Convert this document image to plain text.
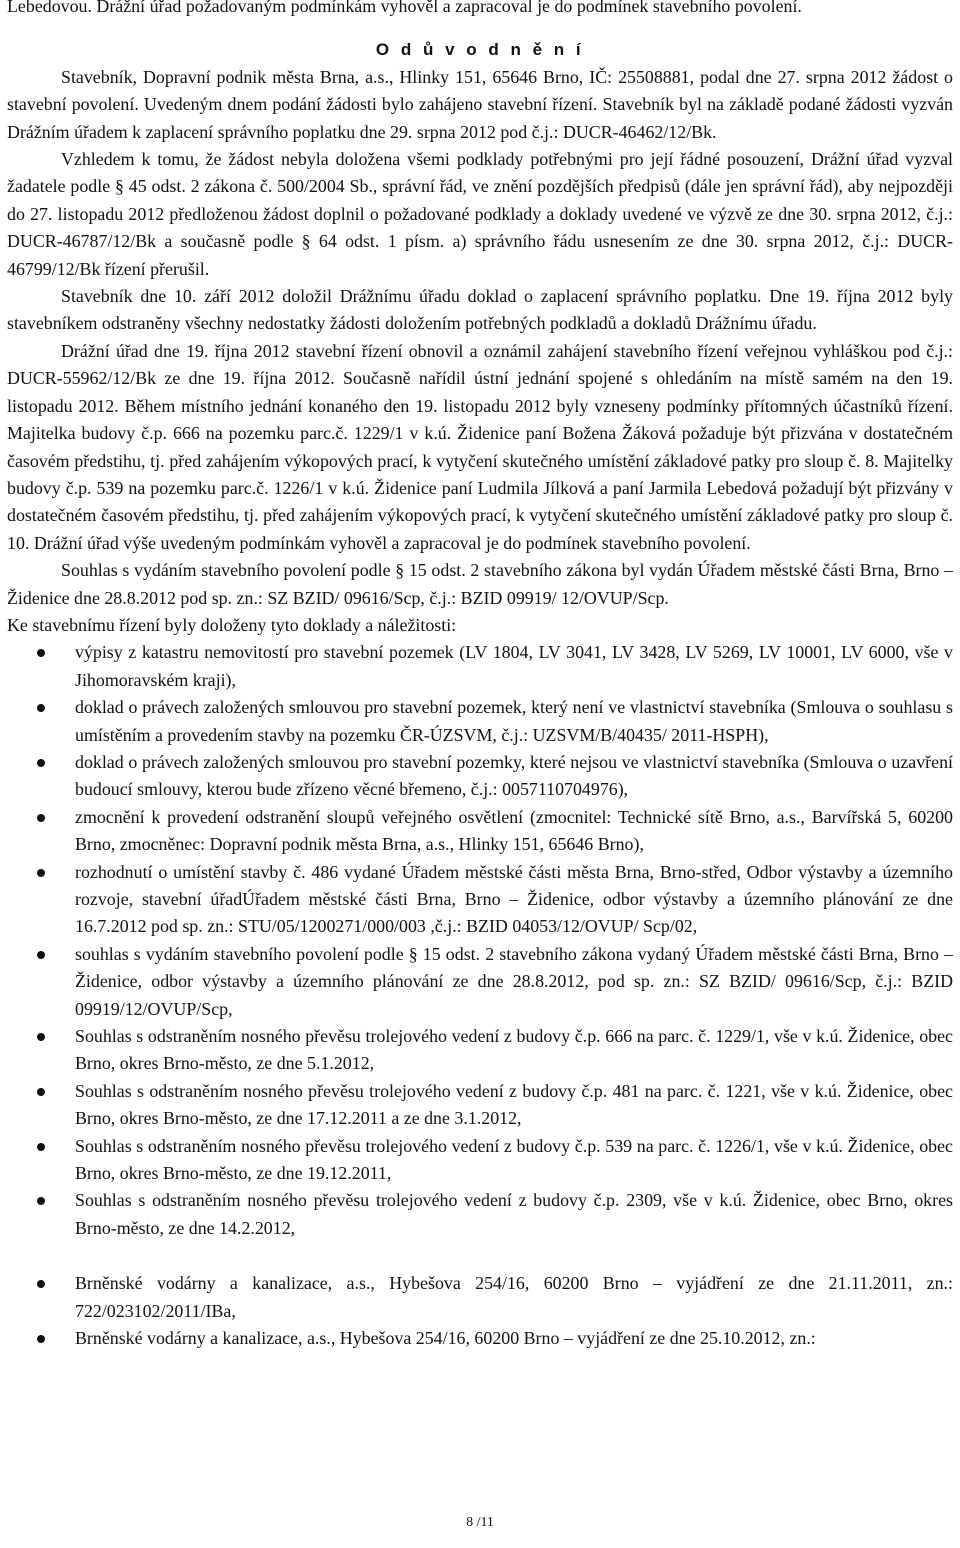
Lebedovou. Drážní úřad požadovaným podmínkám vyhověl a zapracoval je do podmínek stavebního povolení.

O d ů v o d n ě n í

Stavebník, Dopravní podnik města Brna, a.s., Hlinky 151, 65646 Brno, IČ: 25508881, podal dne 27. srpna 2012 žádost o stavební povolení. Uvedeným dnem podání žádosti bylo zahájeno stavební řízení. Stavebník byl na základě podané žádosti vyzván Drážním úřadem k zaplacení správního poplatku dne 29. srpna 2012 pod č.j.: DUCR-46462/12/Bk.

Vzhledem k tomu, že žádost nebyla doložena všemi podklady potřebnými pro její řádné posouzení, Drážní úřad vyzval žadatele podle § 45 odst. 2 zákona č. 500/2004 Sb., správní řád, ve znění pozdějších předpisů (dále jen správní řád), aby nejpozději do 27. listopadu 2012 předloženou žádost doplnil o požadované podklady a doklady uvedené ve výzvě ze dne 30. srpna 2012, č.j.: DUCR-46787/12/Bk a současně podle § 64 odst. 1 písm. a) správního řádu usnesením ze dne 30. srpna 2012, č.j.: DUCR-46799/12/Bk řízení přerušil.

Stavebník dne 10. září 2012 doložil Drážnímu úřadu doklad o zaplacení správního poplatku. Dne 19. října 2012 byly stavebníkem odstraněny všechny nedostatky žádosti doložením potřebných podkladů a dokladů Drážnímu úřadu.

Drážní úřad dne 19. října 2012 stavební řízení obnovil a oznámil zahájení stavebního řízení veřejnou vyhláškou pod č.j.: DUCR-55962/12/Bk ze dne 19. října 2012. Současně nařídil ústní jednání spojené s ohledáním na místě samém na den 19. listopadu 2012. Během místního jednání konaného den 19. listopadu 2012 byly vzneseny podmínky přítomných účastníků řízení. Majitelka budovy č.p. 666 na pozemku parc.č. 1229/1 v k.ú. Židenice paní Božena Žáková požaduje být přizvána v dostatečném časovém předstihu, tj. před zahájením výkopových prací, k vytyčení skutečného umístění základové patky pro sloup č. 8. Majitelky budovy č.p. 539 na pozemku parc.č. 1226/1 v k.ú. Židenice paní Ludmila Jílková a paní Jarmila Lebedová požadují být přizvány v dostatečném časovém předstihu, tj. před zahájením výkopových prací, k vytyčení skutečného umístění základové patky pro sloup č. 10. Drážní úřad výše uvedeným podmínkám vyhověl a zapracoval je do podmínek stavebního povolení.

Souhlas s vydáním stavebního povolení podle § 15 odst. 2 stavebního zákona byl vydán Úřadem městské části Brna, Brno – Židenice dne 28.8.2012 pod sp. zn.: SZ BZID/ 09616/Scp, č.j.: BZID 09919/ 12/OVUP/Scp.

Ke stavebnímu řízení byly doloženy tyto doklady a náležitosti:

výpisy z katastru nemovitostí pro stavební pozemek (LV 1804, LV 3041, LV 3428, LV 5269, LV 10001, LV 6000, vše v Jihomoravském kraji),
doklad o právech založených smlouvou pro stavební pozemek, který není ve vlastnictví stavebníka (Smlouva o souhlasu s umístěním a provedením stavby na pozemku ČR-ÚZSVM, č.j.: UZSVM/B/40435/ 2011-HSPH),
doklad o právech založených smlouvou pro stavební pozemky, které nejsou ve vlastnictví stavebníka (Smlouva o uzavření budoucí smlouvy, kterou bude zřízeno věcné břemeno, č.j.: 0057110704976),
zmocnění k provedení odstranění sloupů veřejného osvětlení (zmocnitel: Technické sítě Brno, a.s., Barvířská 5, 60200 Brno, zmocněnec: Dopravní podnik města Brna, a.s., Hlinky 151, 65646 Brno),
rozhodnutí o umístění stavby č. 486 vydané Úřadem městské části města Brna, Brno-střed, Odbor výstavby a územního rozvoje, stavební úřadÚřadem městské části Brna, Brno – Židenice, odbor výstavby a územního plánování ze dne 16.7.2012 pod sp. zn.: STU/05/1200271/000/003 ,č.j.: BZID 04053/12/OVUP/ Scp/02,
souhlas s vydáním stavebního povolení podle § 15 odst. 2 stavebního zákona vydaný Úřadem městské části Brna, Brno – Židenice, odbor výstavby a územního plánování ze dne 28.8.2012, pod sp. zn.: SZ BZID/ 09616/Scp, č.j.: BZID 09919/12/OVUP/Scp,
Souhlas s odstraněním nosného převěsu trolejového vedení z budovy č.p. 666 na parc. č. 1229/1, vše v k.ú. Židenice, obec Brno, okres Brno-město, ze dne 5.1.2012,
Souhlas s odstraněním nosného převěsu trolejového vedení z budovy č.p. 481 na parc. č. 1221, vše v k.ú. Židenice, obec Brno, okres Brno-město, ze dne 17.12.2011 a ze dne 3.1.2012,
Souhlas s odstraněním nosného převěsu trolejového vedení z budovy č.p. 539 na parc. č. 1226/1, vše v k.ú. Židenice, obec Brno, okres Brno-město, ze dne 19.12.2011,
Souhlas s odstraněním nosného převěsu trolejového vedení z budovy č.p. 2309, vše v k.ú. Židenice, obec Brno, okres Brno-město, ze dne 14.2.2012,
Brněnské vodárny a kanalizace, a.s., Hybešova 254/16, 60200 Brno – vyjádření ze dne 21.11.2011, zn.: 722/023102/2011/IBa,
Brněnské vodárny a kanalizace, a.s., Hybešova 254/16, 60200 Brno – vyjádření ze dne 25.10.2012, zn.:
8 /11
